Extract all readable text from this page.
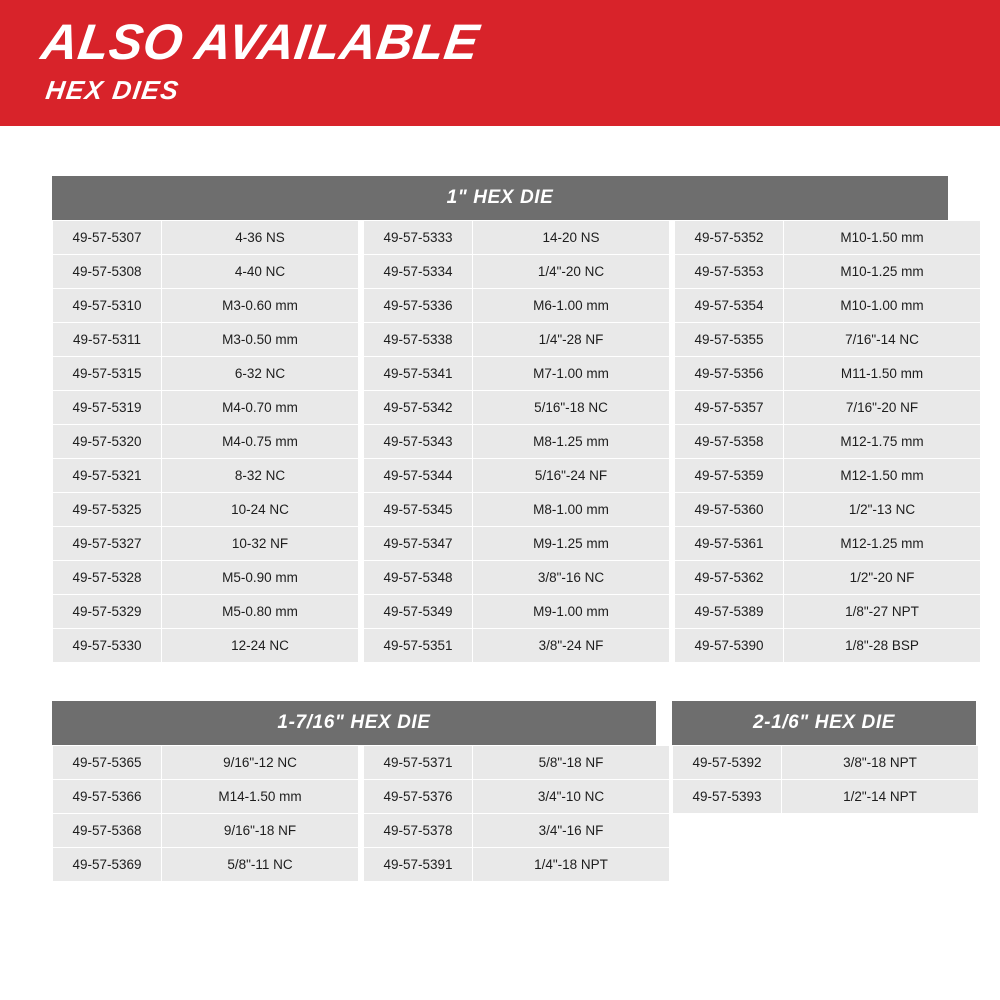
ALSO AVAILABLE
HEX DIES
1" HEX DIE
49-57-5307	4-36 NS		49-57-5333	14-20 NS		49-57-5352	M10-1.50 mm
49-57-5308	4-40 NC		49-57-5334	1/4"-20 NC		49-57-5353	M10-1.25 mm
49-57-5310	M3-0.60 mm		49-57-5336	M6-1.00 mm		49-57-5354	M10-1.00 mm
49-57-5311	M3-0.50 mm		49-57-5338	1/4"-28 NF		49-57-5355	7/16"-14 NC
49-57-5315	6-32 NC		49-57-5341	M7-1.00 mm		49-57-5356	M11-1.50 mm
49-57-5319	M4-0.70 mm		49-57-5342	5/16"-18 NC		49-57-5357	7/16"-20 NF
49-57-5320	M4-0.75 mm		49-57-5343	M8-1.25 mm		49-57-5358	M12-1.75 mm
49-57-5321	8-32 NC		49-57-5344	5/16"-24 NF		49-57-5359	M12-1.50 mm
49-57-5325	10-24 NC		49-57-5345	M8-1.00 mm		49-57-5360	1/2"-13 NC
49-57-5327	10-32 NF		49-57-5347	M9-1.25 mm		49-57-5361	M12-1.25 mm
49-57-5328	M5-0.90 mm		49-57-5348	3/8"-16 NC		49-57-5362	1/2"-20 NF
49-57-5329	M5-0.80 mm		49-57-5349	M9-1.00 mm		49-57-5389	1/8"-27 NPT
49-57-5330	12-24 NC		49-57-5351	3/8"-24 NF		49-57-5390	1/8"-28 BSP
1-7/16" HEX DIE
49-57-5365	9/16"-12 NC		49-57-5371	5/8"-18 NF
49-57-5366	M14-1.50 mm		49-57-5376	3/4"-10 NC
49-57-5368	9/16"-18 NF		49-57-5378	3/4"-16 NF
49-57-5369	5/8"-11 NC		49-57-5391	1/4"-18 NPT
2-1/6" HEX DIE
49-57-5392	3/8"-18 NPT
49-57-5393	1/2"-14 NPT
